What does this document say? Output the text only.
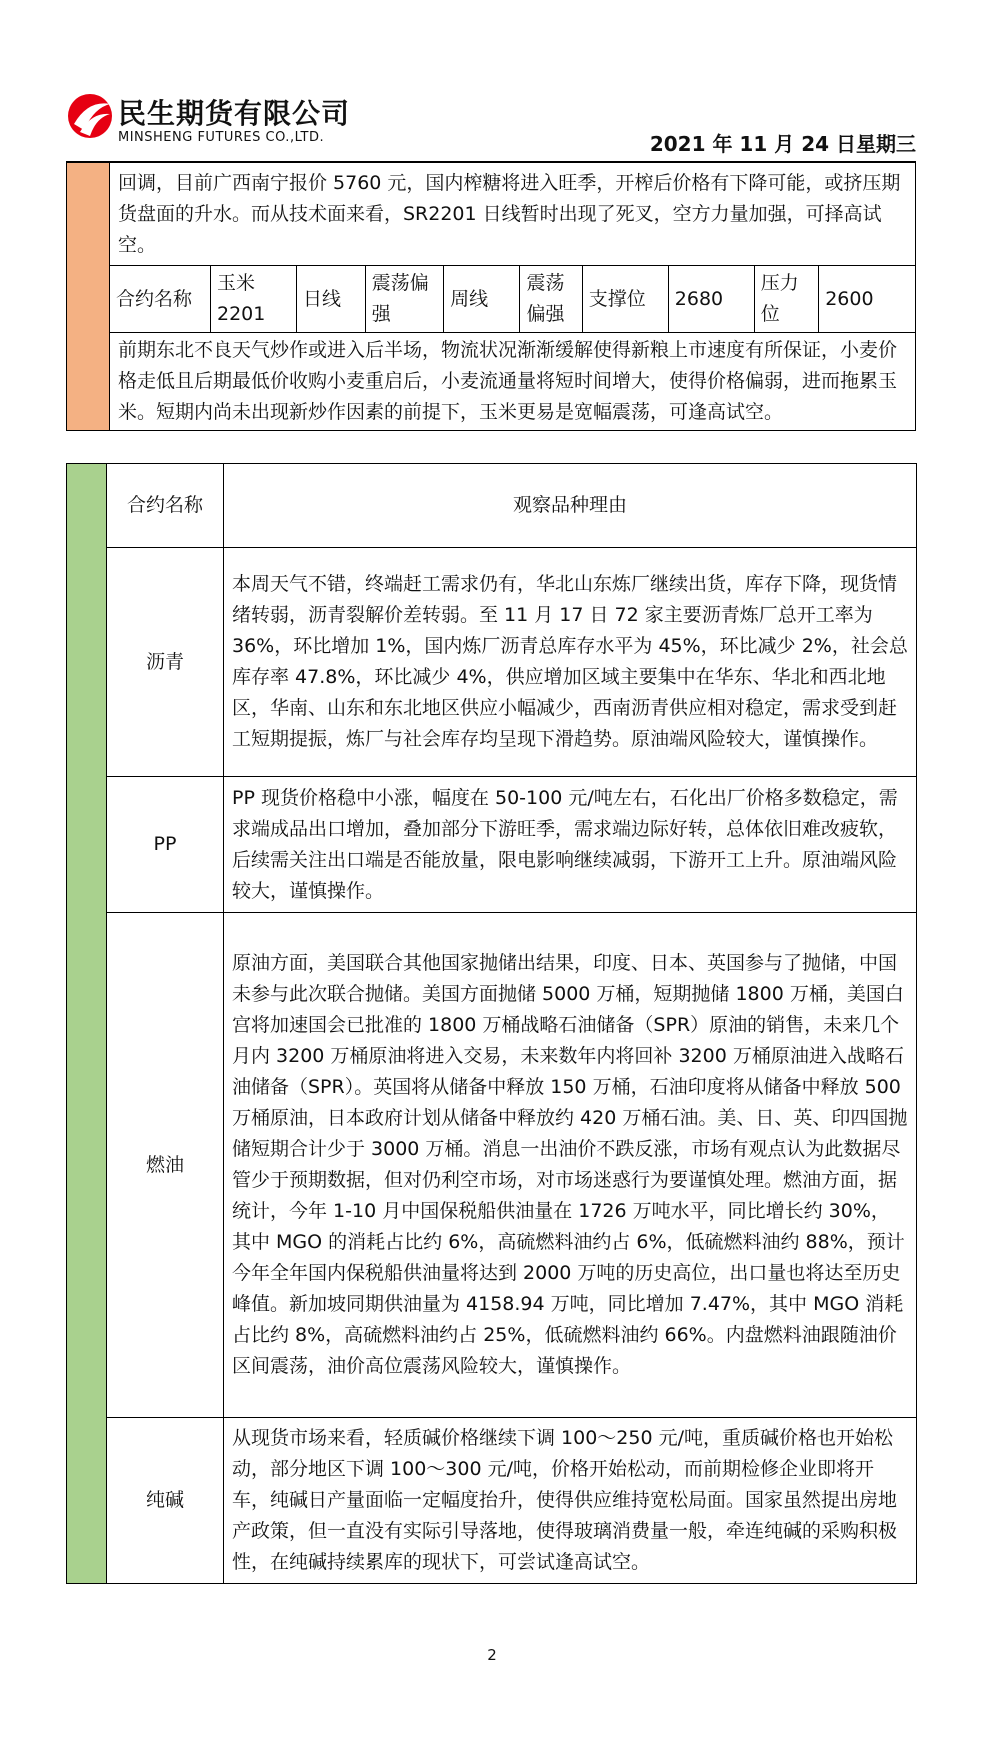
民生期货有限公司
MINSHENG FUTURES CO.,LTD.	2021 年 11 月 24 日星期三
	回调，目前广西南宁报价 5760 元，国内榨糖将进入旺季，开榨后价格有下降可能，或挤压期货盘面的升水。而从技术面来看，SR2201 日线暂时出现了死叉，空方力量加强，可择高试空。									
	合约名称	玉米 2201	日线	震荡偏强	周线	震荡偏强	支撑位	2680	压力位	2600
	前期东北不良天气炒作或进入后半场，物流状况渐渐缓解使得新粮上市速度有所保证，小麦价格走低且后期最低价收购小麦重启后，小麦流通量将短时间增大，使得价格偏弱，进而拖累玉米。短期内尚未出现新炒作因素的前提下，玉米更易是宽幅震荡，可逢高试空。									
	合约名称	观察品种理由
	沥青	本周天气不错，终端赶工需求仍有，华北山东炼厂继续出货，库存下降，现货情绪转弱，沥青裂解价差转弱。至 11 月 17 日 72 家主要沥青炼厂总开工率为 36%，环比增加 1%，国内炼厂沥青总库存水平为 45%，环比减少 2%，社会总库存率 47.8%，环比减少 4%，供应增加区域主要集中在华东、华北和西北地区，华南、山东和东北地区供应小幅减少，西南沥青供应相对稳定，需求受到赶工短期提振，炼厂与社会库存均呈现下滑趋势。原油端风险较大，谨慎操作。
	PP	PP 现货价格稳中小涨，幅度在 50-100 元/吨左右，石化出厂价格多数稳定，需求端成品出口增加，叠加部分下游旺季，需求端边际好转，总体依旧难改疲软，后续需关注出口端是否能放量，限电影响继续减弱，下游开工上升。原油端风险较大，谨慎操作。
	燃油	原油方面，美国联合其他国家抛储出结果，印度、日本、英国参与了抛储，中国未参与此次联合抛储。美国方面抛储 5000 万桶，短期抛储 1800 万桶，美国白宫将加速国会已批准的 1800 万桶战略石油储备（SPR）原油的销售，未来几个月内 3200 万桶原油将进入交易，未来数年内将回补 3200 万桶原油进入战略石油储备（SPR）。英国将从储备中释放 150 万桶，石油印度将从储备中释放 500 万桶原油，日本政府计划从储备中释放约 420 万桶石油。美、日、英、印四国抛储短期合计少于 3000 万桶。消息一出油价不跌反涨，市场有观点认为此数据尽管少于预期数据，但对仍利空市场，对市场迷惑行为要谨慎处理。燃油方面，据统计，今年 1-10 月中国保税船供油量在 1726 万吨水平，同比增长约 30%，其中 MGO 的消耗占比约 6%，高硫燃料油约占 6%，低硫燃料油约 88%，预计今年全年国内保税船供油量将达到 2000 万吨的历史高位，出口量也将达至历史峰值。新加坡同期供油量为 4158.94 万吨，同比增加 7.47%，其中 MGO 消耗占比约 8%，高硫燃料油约占 25%，低硫燃料油约 66%。内盘燃料油跟随油价区间震荡，油价高位震荡风险较大，谨慎操作。
	纯碱	从现货市场来看，轻质碱价格继续下调 100～250 元/吨，重质碱价格也开始松动，部分地区下调 100～300 元/吨，价格开始松动，而前期检修企业即将开车，纯碱日产量面临一定幅度抬升，使得供应维持宽松局面。国家虽然提出房地产政策，但一直没有实际引导落地，使得玻璃消费量一般，牵连纯碱的采购积极性，在纯碱持续累库的现状下，可尝试逢高试空。
2
